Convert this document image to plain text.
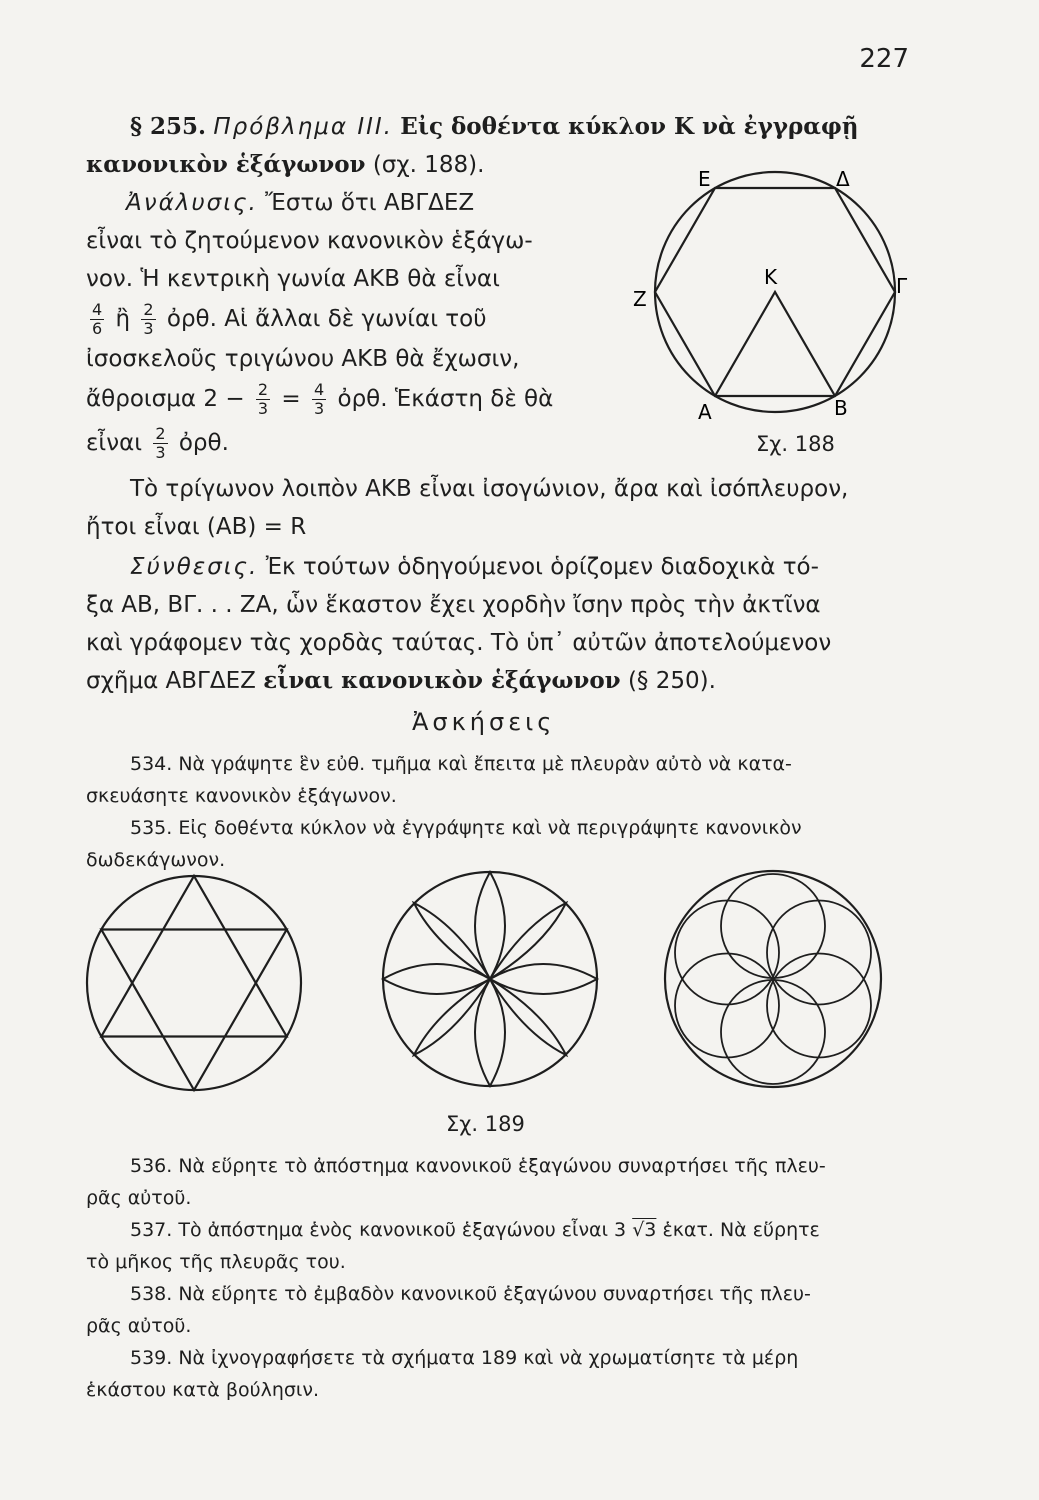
227
§ 255. Πρόβλημα III. Εἰς δοθέντα κύκλον Κ νὰ ἐγγραφῇ
κανονικὸν ἑξάγωνον (σχ. 188).
Ἀνάλυσις. Ἔστω ὅτι ΑΒΓΔΕΖ
εἶναι τὸ ζητούμενον κανονικὸν ἑξάγω-
νον. Ἡ κεντρικὴ γωνία ΑΚΒ θὰ εἶναι
$\frac{4}{6}$ ἢ $\frac{2}{3}$ ὀρθ. Αἱ ἄλλαι δὲ γωνίαι τοῦ
ἰσοσκελοῦς τριγώνου ΑΚΒ θὰ ἔχωσιν,
ἄθροισμα $2 - \frac{2}{3} = \frac{4}{3}$ ὀρθ. Ἑκάστη δὲ θὰ
εἶναι $\frac{2}{3}$ ὀρθ.
Ε	Δ
Ζ
Γ
Κ
Α	Β
Σχ. 188
Τὸ τρίγωνον λοιπὸν ΑΚΒ εἶναι ἰσογώνιον, ἄρα καὶ ἰσόπλευρον,
ἤτοι εἶναι (ΑΒ) = R
Σύνθεσις. Ἐκ τούτων ὁδηγούμενοι ὁρίζομεν διαδοχικὰ τό-
ξα ΑΒ, ΒΓ. . . ΖΑ, ὧν ἕκαστον ἔχει χορδὴν ἴσην πρὸς τὴν ἀκτῖνα
καὶ γράφομεν τὰς χορδὰς ταύτας. Τὸ ὑπ᾽ αὐτῶν ἀποτελούμενον
σχῆμα ΑΒΓΔΕΖ εἶναι κανονικὸν ἑξάγωνον (§ 250).
Ἀσκήσεις
534. Νὰ γράψητε ἓν εὐθ. τμῆμα καὶ ἔπειτα μὲ πλευρὰν αὐτὸ νὰ κατα-
σκευάσητε κανονικὸν ἑξάγωνον.
535. Εἰς δοθέντα κύκλον νὰ ἐγγράψητε καὶ νὰ περιγράψητε κανονικὸν
δωδεκάγωνον.
Σχ. 189
536. Νὰ εὕρητε τὸ ἀπόστημα κανονικοῦ ἑξαγώνου συναρτήσει τῆς πλευ-
ρᾶς αὐτοῦ.
537. Τὸ ἀπόστημα ἑνὸς κανονικοῦ ἑξαγώνου εἶναι 3 √3 ἑκατ. Νὰ εὕρητε
τὸ μῆκος τῆς πλευρᾶς του.
538. Νὰ εὕρητε τὸ ἐμβαδὸν κανονικοῦ ἑξαγώνου συναρτήσει τῆς πλευ-
ρᾶς αὐτοῦ.
539. Νὰ ἰχνογραφήσετε τὰ σχήματα 189 καὶ νὰ χρωματίσητε τὰ μέρη
ἑκάστου κατὰ βούλησιν.
